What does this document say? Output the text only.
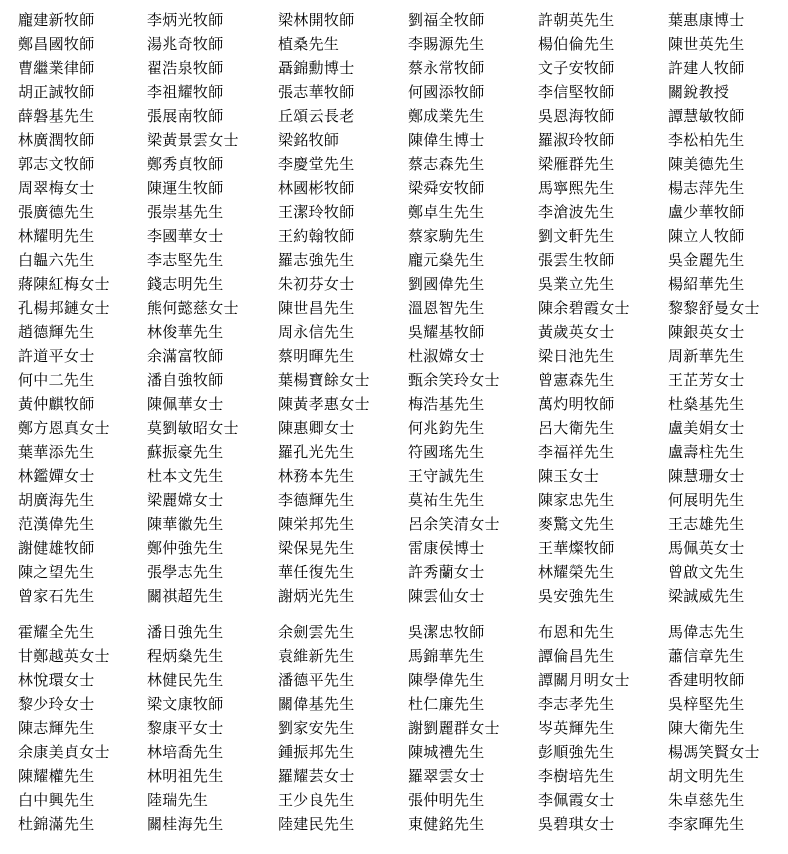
龐建新牧師	李炳光牧師	梁林開牧師	劉福全牧師	許朝英先生	葉惠康博士
鄭昌國牧師	湯兆奇牧師	植桑先生	李賜源先生	楊伯倫先生	陳世英先生
曹繼業律師	翟浩泉牧師	聶錦勳博士	蔡永常牧師	文子安牧師	許建人牧師
胡正誠牧師	李祖耀牧師	張志華牧師	何國添牧師	李信堅牧師	關銳教授
薛磐基先生	張展南牧師	丘頌云長老	鄭成業先生	吳恩海牧師	譚慧敏牧師
林廣潤牧師	梁黃景雲女士	梁銘牧師	陳偉生博士	羅淑玲牧師	李松柏先生
郭志文牧師	鄭秀貞牧師	李慶堂先生	蔡志森先生	梁雁群先生	陳美德先生
周翠梅女士	陳運生牧師	林國彬牧師	梁舜安牧師	馬寧熙先生	楊志萍先生
張廣德先生	張崇基先生	王潔玲牧師	鄭卓生先生	李滄波先生	盧少華牧師
林耀明先生	李國華女士	王約翰牧師	蔡家駒先生	劉文軒先生	陳立人牧師
白韞六先生	李志堅先生	羅志強先生	龐元燊先生	張雲生牧師	吳金麗先生
蔣陳紅梅女士	錢志明先生	朱初芬女士	劉國偉先生	吳業立先生	楊紹華先生
孔楊邦鏈女士	熊何懿慈女士	陳世昌先生	溫恩智先生	陳余碧霞女士	黎黎舒曼女士
趙德輝先生	林俊華先生	周永信先生	吳耀基牧師	黃歲英女士	陳銀英女士
許道平女士	余滿富牧師	蔡明暉先生	杜淑嫦女士	梁日池先生	周新華先生
何中二先生	潘自強牧師	葉楊寶餘女士	甄余笑玲女士	曾憲森先生	王芷芳女士
黃仲麒牧師	陳佩華女士	陳黃孝惠女士	梅浩基先生	萬灼明牧師	杜燊基先生
鄭方恩真女士	莫劉敏昭女士	陳惠卿女士	何兆鈞先生	呂大衛先生	盧美娟女士
葉華添先生	蘇振豪先生	羅孔光先生	符國瑤先生	李福祥先生	盧壽柱先生
林鑑嬋女士	杜本文先生	林務本先生	王守誠先生	陳玉女士	陳慧珊女士
胡廣海先生	梁麗嫦女士	李德輝先生	莫祐生先生	陳家忠先生	何展明先生
范漢偉先生	陳華徽先生	陳栄邦先生	呂余笑清女士	麥驚文先生	王志雄先生
謝健雄牧師	鄭仲強先生	梁保晃先生	雷康侯博士	王華燦牧師	馬佩英女士
陳之望先生	張學志先生	華任復先生	許秀蘭女士	林耀榮先生	曾啟文先生
曾家石先生	關祺超先生	謝炳光先生	陳雲仙女士	吳安強先生	梁誠威先生
霍耀全先生	潘日強先生	余劍雲先生	吳潔忠牧師	布恩和先生	馬偉志先生
甘鄭越英女士	程炳燊先生	袁維新先生	馬錦華先生	譚倫昌先生	蕭信章先生
林悅環女士	林健民先生	潘德平先生	陳學偉先生	譚關月明女士	香建明牧師
黎少玲女士	梁文康牧師	關偉基先生	杜仁廉先生	李志孝先生	吳梓堅先生
陳志輝先生	黎康平女士	劉家安先生	謝劉麗群女士	岑英輝先生	陳大衛先生
余康美貞女士	林培喬先生	鍾振邦先生	陳城禮先生	彭順強先生	楊馮笑賢女士
陳耀權先生	林明祖先生	羅耀芸女士	羅翠雲女士	李樹培先生	胡文明先生
白中興先生	陸瑞先生	王少良先生	張仲明先生	李佩霞女士	朱卓慈先生
杜錦滿先生	關桂海先生	陸建民先生	東健銘先生	吳碧琪女士	李家暉先生
